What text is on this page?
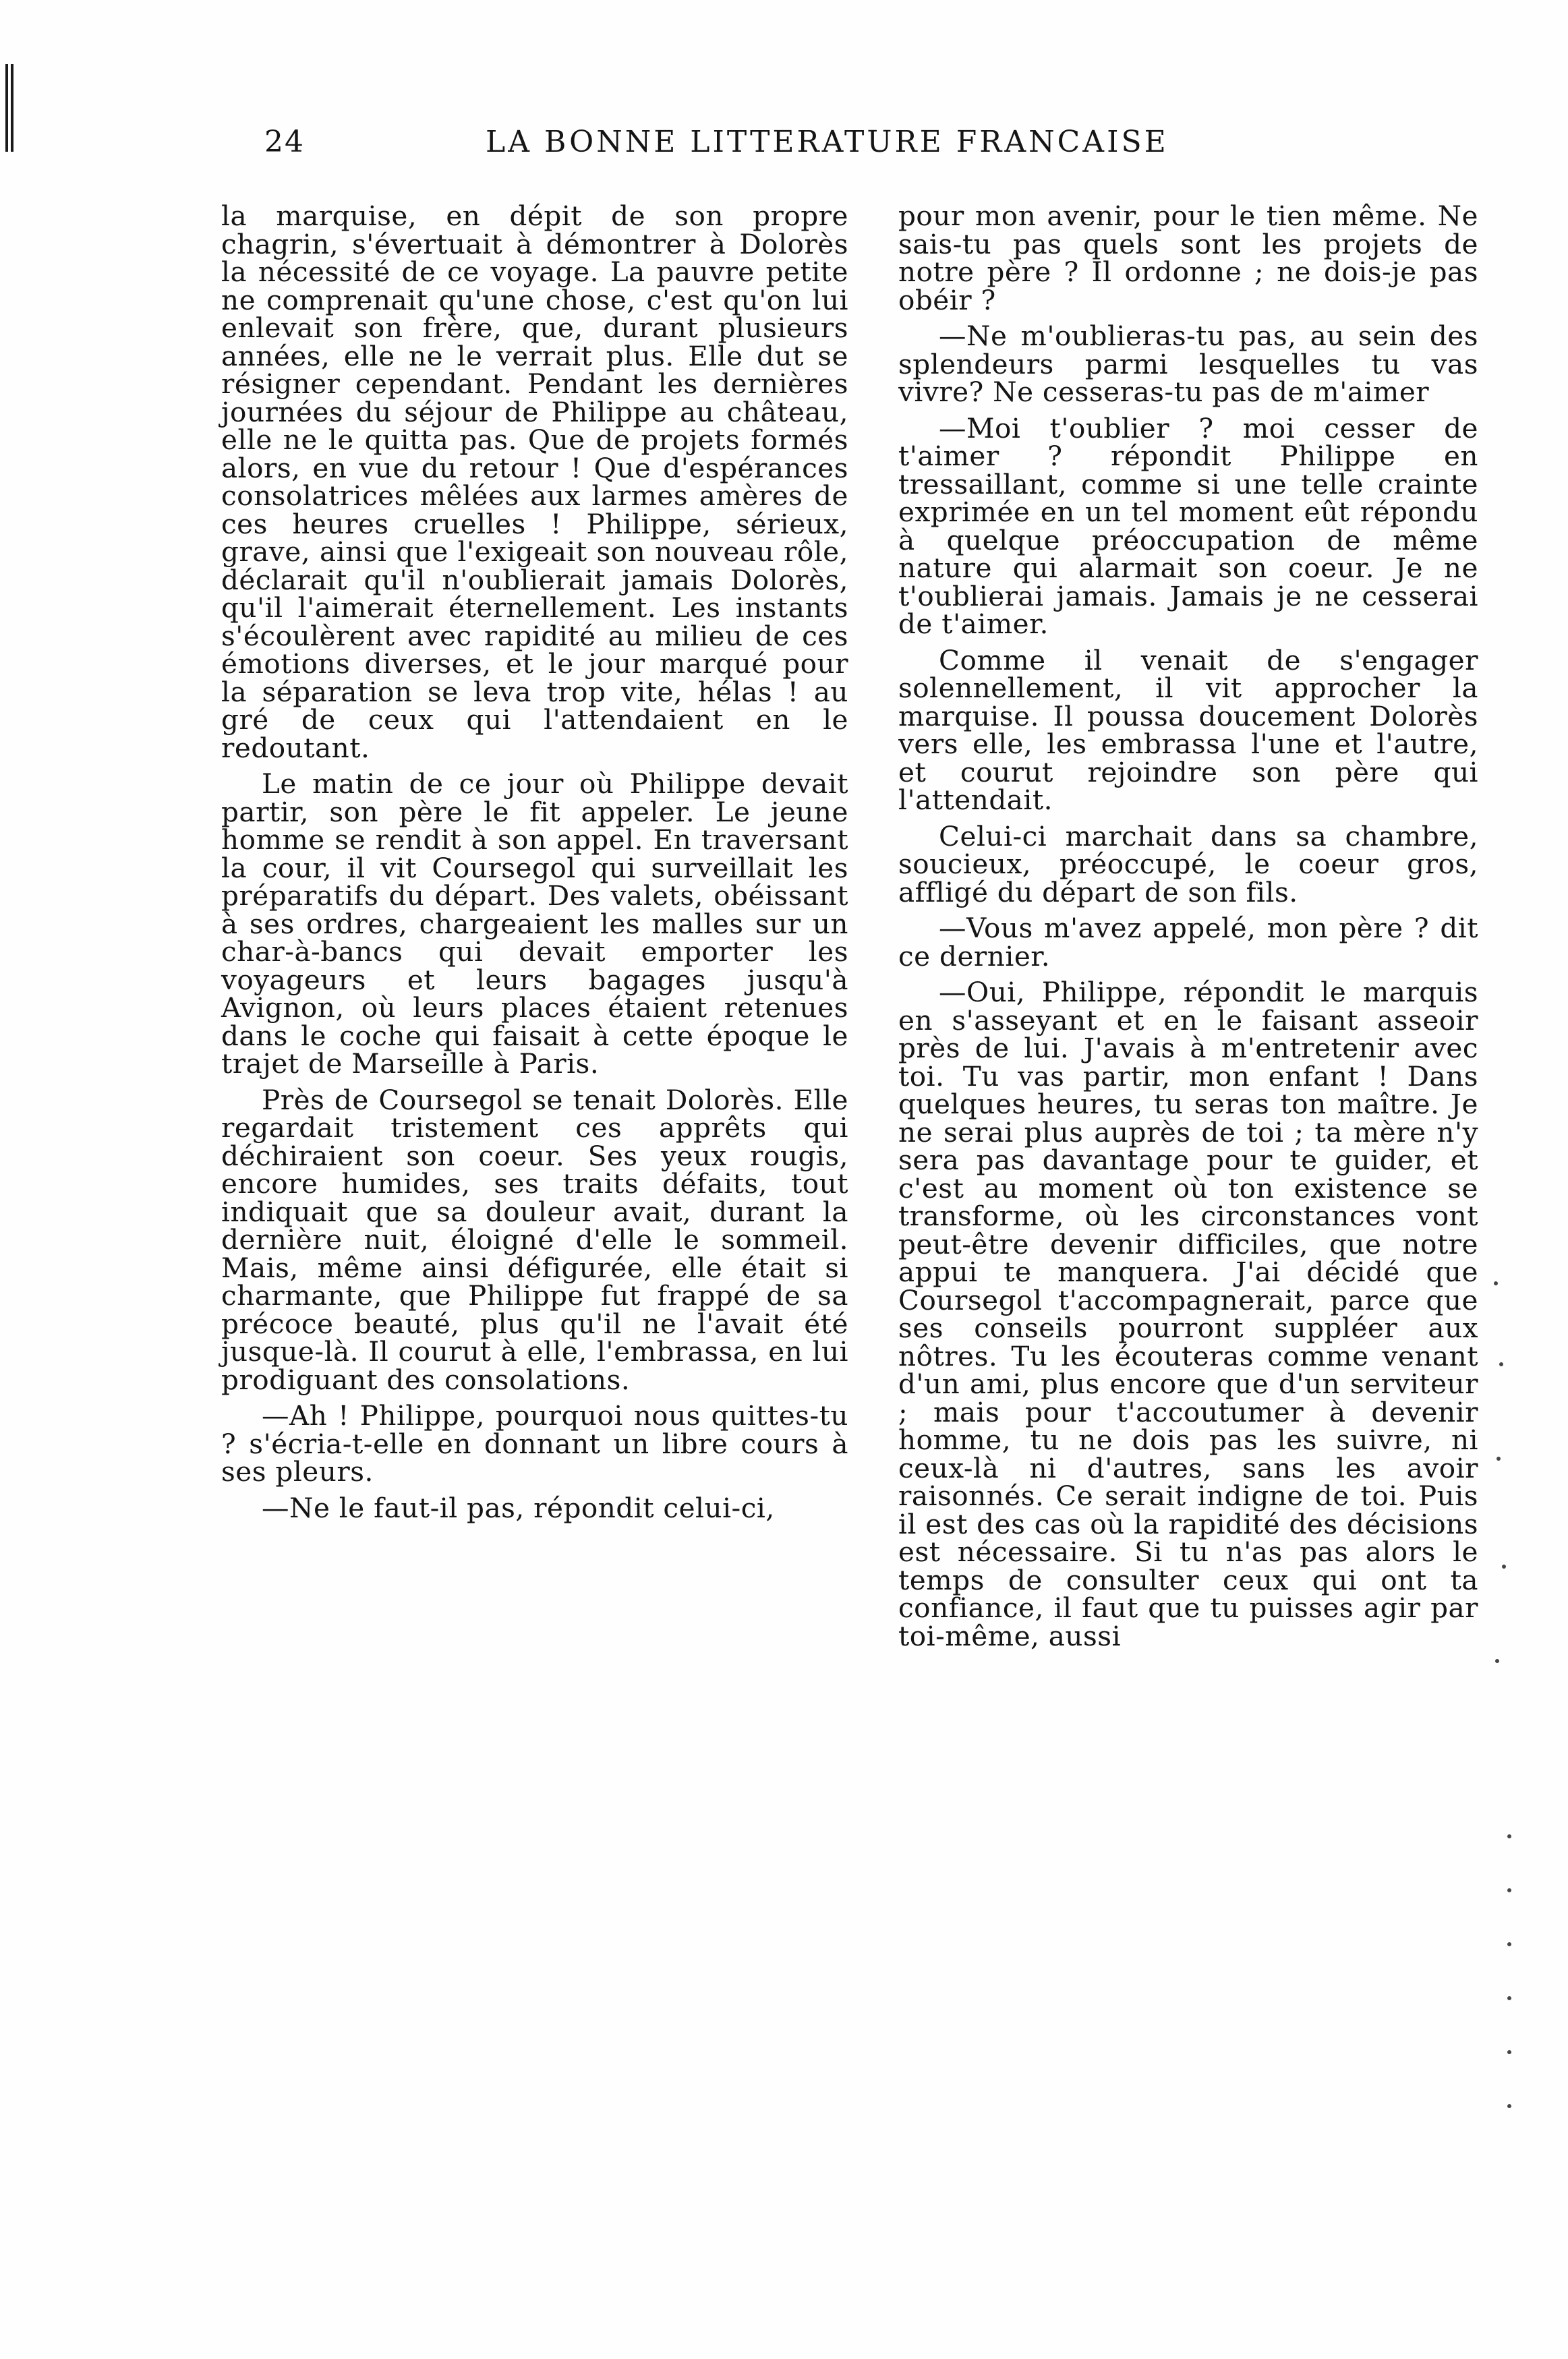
24	LA BONNE LITTERATURE FRANCAISE

la marquise, en dépit de son propre chagrin, s'évertuait à démontrer à Dolorès la nécessité de ce voyage. La pauvre petite ne comprenait qu'une chose, c'est qu'on lui enlevait son frère, que, durant plusieurs années, elle ne le verrait plus. Elle dut se résigner cependant. Pendant les dernières journées du séjour de Philippe au château, elle ne le quitta pas. Que de projets formés alors, en vue du retour ! Que d'espérances consolatrices mêlées aux larmes amères de ces heures cruelles ! Philippe, sérieux, grave, ainsi que l'exigeait son nouveau rôle, déclarait qu'il n'oublierait jamais Dolorès, qu'il l'aimerait éternellement. Les instants s'écoulèrent avec rapidité au milieu de ces émotions diverses, et le jour marqué pour la séparation se leva trop vite, hélas ! au gré de ceux qui l'attendaient en le redoutant.

Le matin de ce jour où Philippe devait partir, son père le fit appeler. Le jeune homme se rendit à son appel. En traversant la cour, il vit Coursegol qui surveillait les préparatifs du départ. Des valets, obéissant à ses ordres, chargeaient les malles sur un char-à-bancs qui devait emporter les voyageurs et leurs bagages jusqu'à Avignon, où leurs places étaient retenues dans le coche qui faisait à cette époque le trajet de Marseille à Paris.

Près de Coursegol se tenait Dolorès. Elle regardait tristement ces apprêts qui déchiraient son coeur. Ses yeux rougis, encore humides, ses traits défaits, tout indiquait que sa douleur avait, durant la dernière nuit, éloigné d'elle le sommeil. Mais, même ainsi défigurée, elle était si charmante, que Philippe fut frappé de sa précoce beauté, plus qu'il ne l'avait été jusque-là. Il courut à elle, l'embrassa, en lui prodiguant des consolations.

—Ah ! Philippe, pourquoi nous quittes-tu ? s'écria-t-elle en donnant un libre cours à ses pleurs.

—Ne le faut-il pas, répondit celui-ci,

pour mon avenir, pour le tien même. Ne sais-tu pas quels sont les projets de notre père ? Il ordonne ; ne dois-je pas obéir ?

—Ne m'oublieras-tu pas, au sein des splendeurs parmi lesquelles tu vas vivre? Ne cesseras-tu pas de m'aimer

—Moi t'oublier ? moi cesser de t'aimer ? répondit Philippe en tressaillant, comme si une telle crainte exprimée en un tel moment eût répondu à quelque préoccupation de même nature qui alarmait son coeur. Je ne t'oublierai jamais. Jamais je ne cesserai de t'aimer.

Comme il venait de s'engager solennellement, il vit approcher la marquise. Il poussa doucement Dolorès vers elle, les embrassa l'une et l'autre, et courut rejoindre son père qui l'attendait.

Celui-ci marchait dans sa chambre, soucieux, préoccupé, le coeur gros, affligé du départ de son fils.

—Vous m'avez appelé, mon père ? dit ce dernier.

—Oui, Philippe, répondit le marquis en s'asseyant et en le faisant asseoir près de lui. J'avais à m'entretenir avec toi. Tu vas partir, mon enfant ! Dans quelques heures, tu seras ton maître. Je ne serai plus auprès de toi ; ta mère n'y sera pas davantage pour te guider, et c'est au moment où ton existence se transforme, où les circonstances vont peut-être devenir difficiles, que notre appui te manquera. J'ai décidé que Coursegol t'accompagnerait, parce que ses conseils pourront suppléer aux nôtres. Tu les écouteras comme venant d'un ami, plus encore que d'un serviteur ; mais pour t'accoutumer à devenir homme, tu ne dois pas les suivre, ni ceux-là ni d'autres, sans les avoir raisonnés. Ce serait indigne de toi. Puis il est des cas où la rapidité des décisions est nécessaire. Si tu n'as pas alors le temps de consulter ceux qui ont ta confiance, il faut que tu puisses agir par toi-même, aussi
